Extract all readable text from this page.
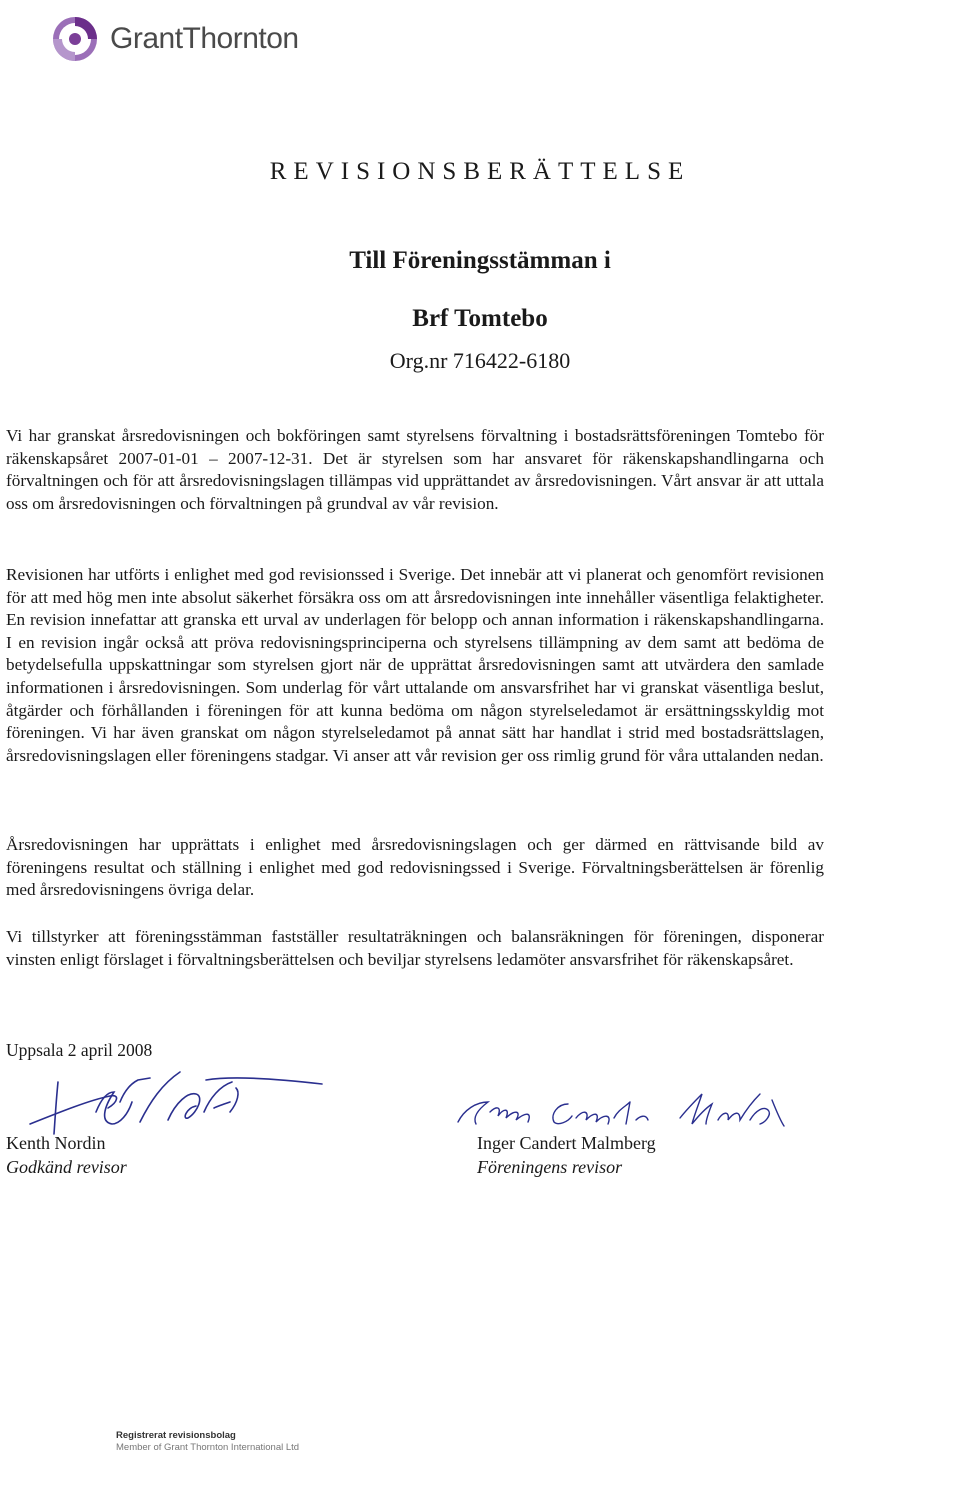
GrantThornton
REVISIONSBERÄTTELSE
Till Föreningsstämman i
Brf Tomtebo
Org.nr 716422-6180

Vi har granskat årsredovisningen och bokföringen samt styrelsens förvaltning i bostadsrättsföreningen Tomtebo för räkenskapsåret 2007-01-01 – 2007-12-31. Det är styrelsen som har ansvaret för räkenskapshandlingarna och förvaltningen och för att årsredovisningslagen tillämpas vid upprättandet av årsredovisningen. Vårt ansvar är att uttala oss om årsredovisningen och förvaltningen på grundval av vår revision.

Revisionen har utförts i enlighet med god revisionssed i Sverige. Det innebär att vi planerat och genomfört revisionen för att med hög men inte absolut säkerhet försäkra oss om att årsredovisningen inte innehåller väsentliga felaktigheter. En revision innefattar att granska ett urval av underlagen för belopp och annan information i räkenskapshandlingarna. I en revision ingår också att pröva redovisningsprinciperna och styrelsens tillämpning av dem samt att bedöma de betydelsefulla uppskattningar som styrelsen gjort när de upprättat årsredovisningen samt att utvärdera den samlade informationen i årsredovisningen. Som underlag för vårt uttalande om ansvarsfrihet har vi granskat väsentliga beslut, åtgärder och förhållanden i föreningen för att kunna bedöma om någon styrelseledamot är ersättningsskyldig mot föreningen. Vi har även granskat om någon styrelseledamot på annat sätt har handlat i strid med bostadsrättslagen, årsredovisningslagen eller föreningens stadgar. Vi anser att vår revision ger oss rimlig grund för våra uttalanden nedan.

Årsredovisningen har upprättats i enlighet med årsredovisningslagen och ger därmed en rättvisande bild av föreningens resultat och ställning i enlighet med god redovisningssed i Sverige. Förvaltningsberättelsen är förenlig med årsredovisningens övriga delar.

Vi tillstyrker att föreningsstämman fastställer resultaträkningen och balansräkningen för föreningen, disponerar vinsten enligt förslaget i förvaltningsberättelsen och beviljar styrelsens ledamöter ansvarsfrihet för räkenskapsåret.

Uppsala 2 april 2008
Kenth Nordin
Godkänd revisor
Inger Candert Malmberg
Föreningens revisor
Registrerat revisionsbolag
Member of Grant Thornton International Ltd
